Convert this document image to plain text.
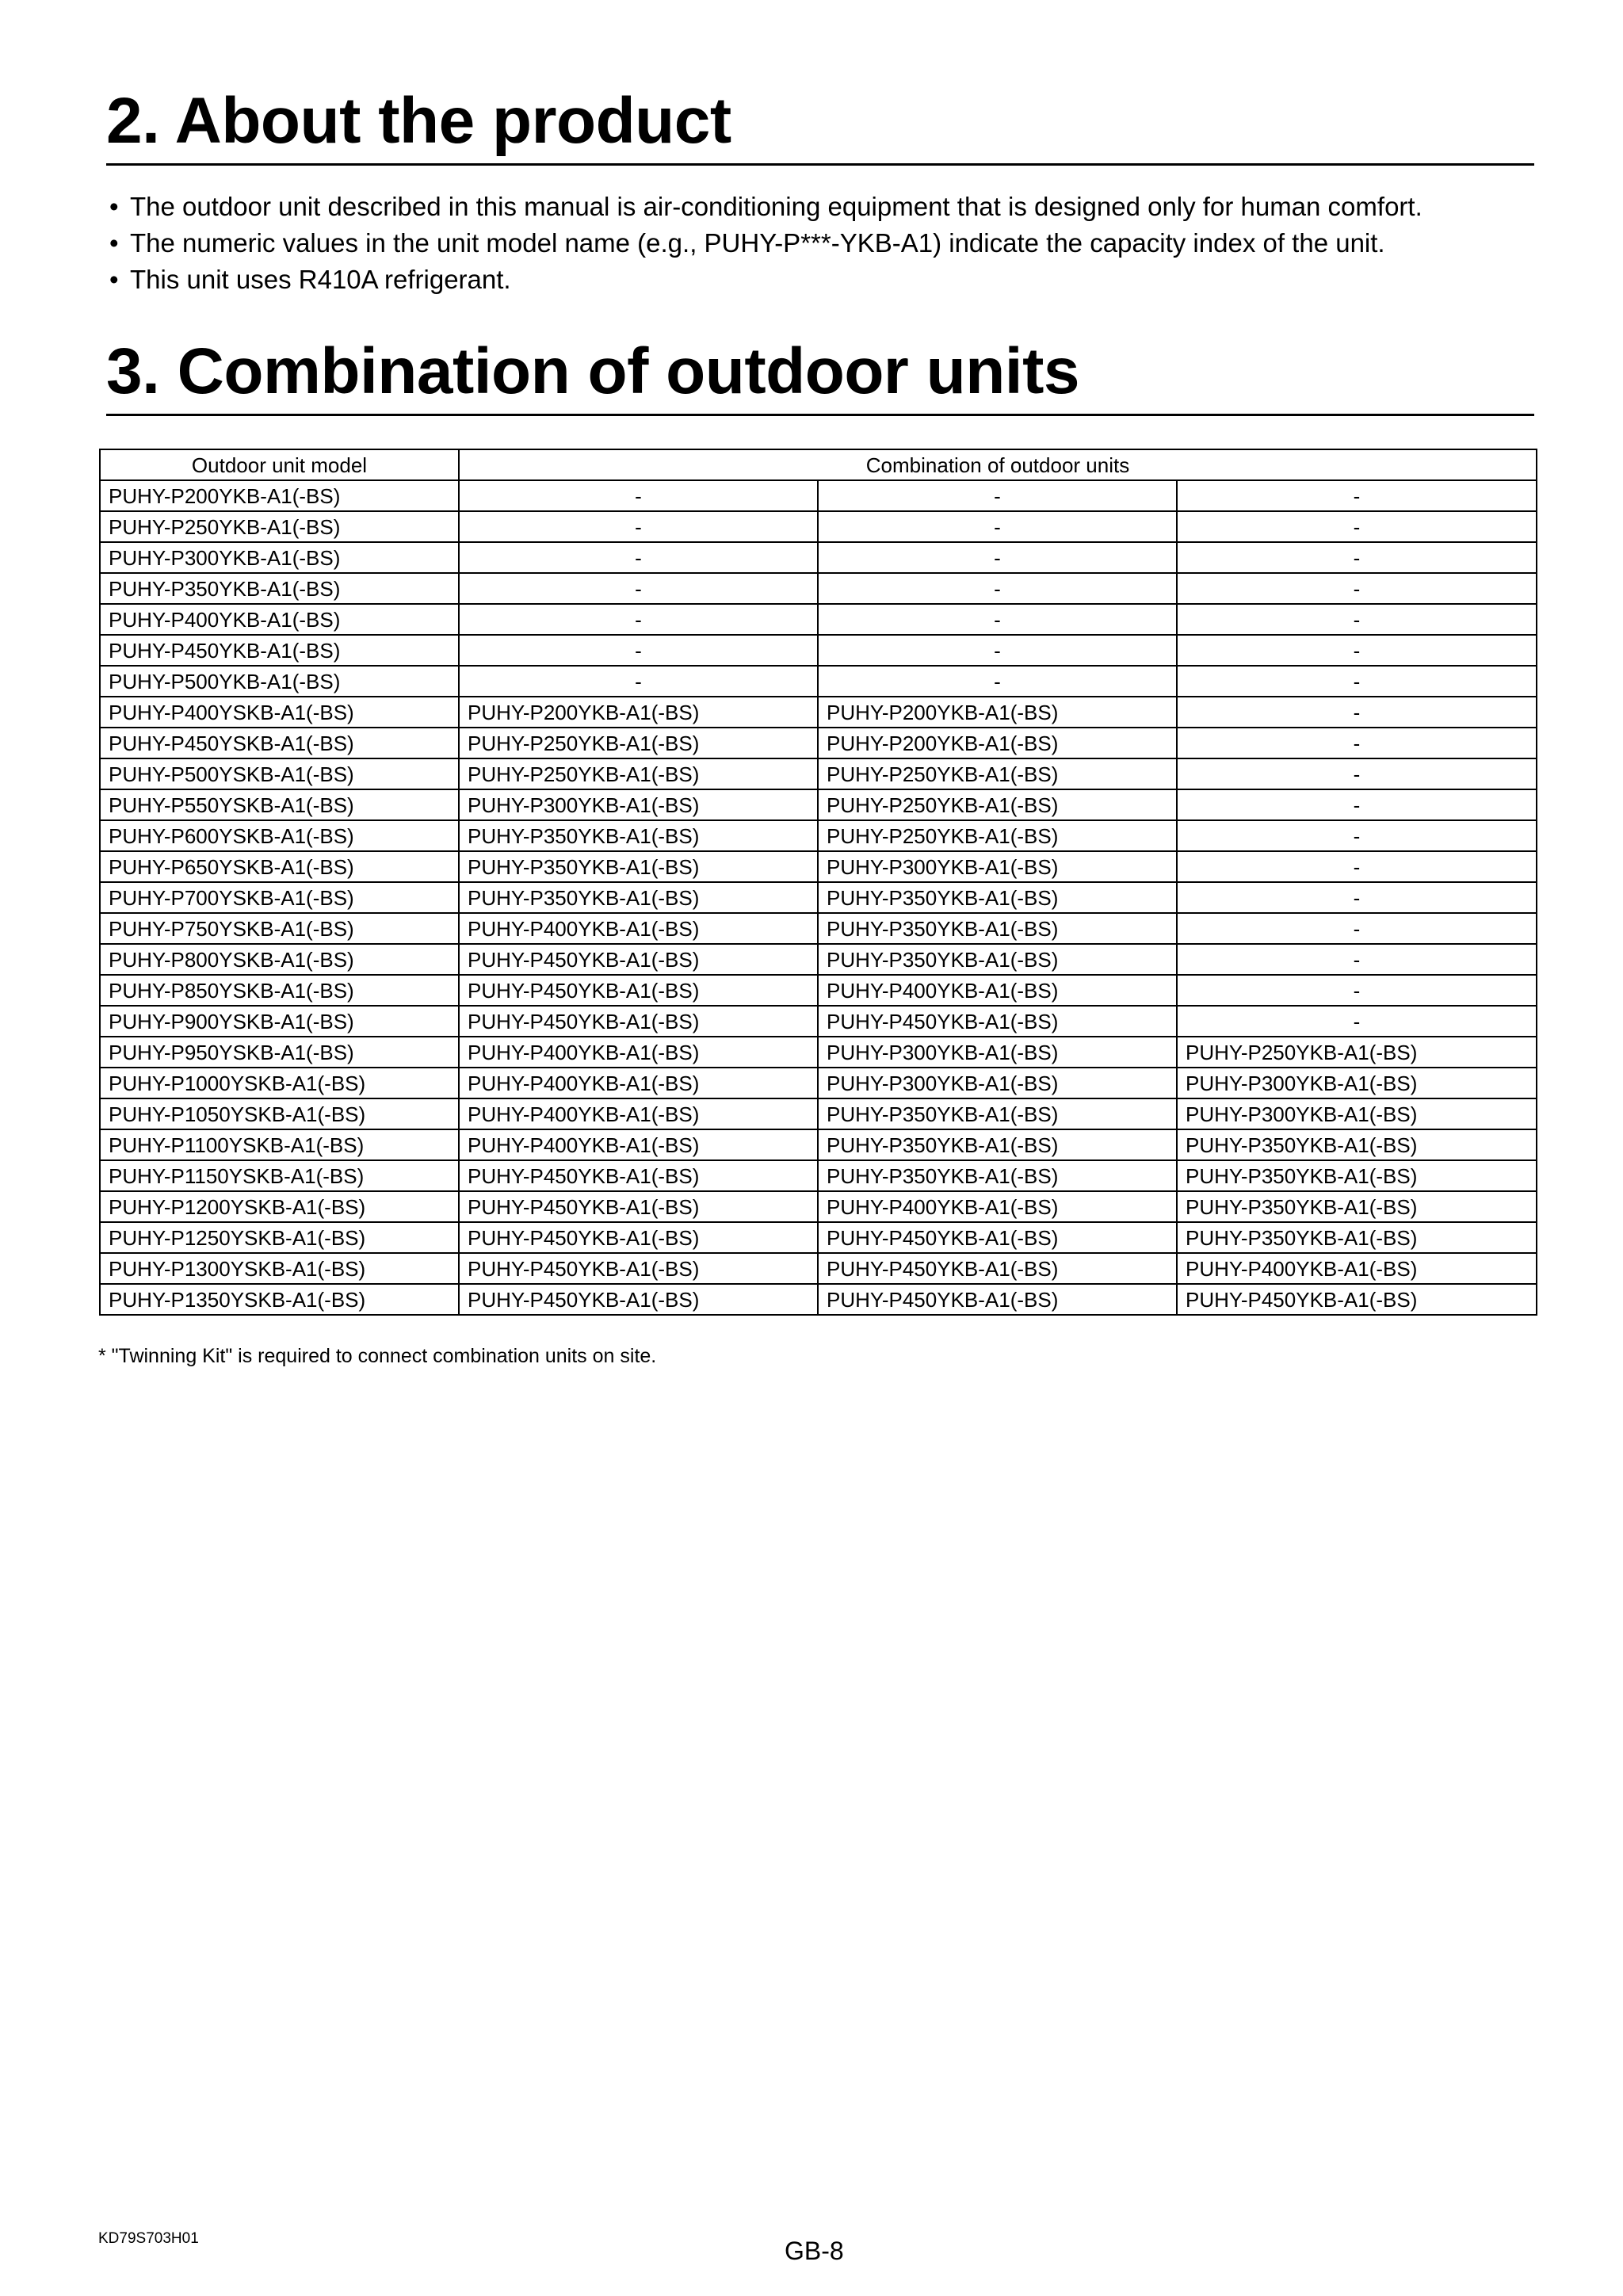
2. About the product
• The outdoor unit described in this manual is air-conditioning equipment that is designed only for human comfort.
• The numeric values in the unit model name (e.g., PUHY-P***-YKB-A1) indicate the capacity index of the unit.
• This unit uses R410A refrigerant.
3. Combination of outdoor units
Outdoor unit model	Combination of outdoor units		
PUHY-P200YKB-A1(-BS)	-	-	-
PUHY-P250YKB-A1(-BS)	-	-	-
PUHY-P300YKB-A1(-BS)	-	-	-
PUHY-P350YKB-A1(-BS)	-	-	-
PUHY-P400YKB-A1(-BS)	-	-	-
PUHY-P450YKB-A1(-BS)	-	-	-
PUHY-P500YKB-A1(-BS)	-	-	-
PUHY-P400YSKB-A1(-BS)	PUHY-P200YKB-A1(-BS)	PUHY-P200YKB-A1(-BS)	-
PUHY-P450YSKB-A1(-BS)	PUHY-P250YKB-A1(-BS)	PUHY-P200YKB-A1(-BS)	-
PUHY-P500YSKB-A1(-BS)	PUHY-P250YKB-A1(-BS)	PUHY-P250YKB-A1(-BS)	-
PUHY-P550YSKB-A1(-BS)	PUHY-P300YKB-A1(-BS)	PUHY-P250YKB-A1(-BS)	-
PUHY-P600YSKB-A1(-BS)	PUHY-P350YKB-A1(-BS)	PUHY-P250YKB-A1(-BS)	-
PUHY-P650YSKB-A1(-BS)	PUHY-P350YKB-A1(-BS)	PUHY-P300YKB-A1(-BS)	-
PUHY-P700YSKB-A1(-BS)	PUHY-P350YKB-A1(-BS)	PUHY-P350YKB-A1(-BS)	-
PUHY-P750YSKB-A1(-BS)	PUHY-P400YKB-A1(-BS)	PUHY-P350YKB-A1(-BS)	-
PUHY-P800YSKB-A1(-BS)	PUHY-P450YKB-A1(-BS)	PUHY-P350YKB-A1(-BS)	-
PUHY-P850YSKB-A1(-BS)	PUHY-P450YKB-A1(-BS)	PUHY-P400YKB-A1(-BS)	-
PUHY-P900YSKB-A1(-BS)	PUHY-P450YKB-A1(-BS)	PUHY-P450YKB-A1(-BS)	-
PUHY-P950YSKB-A1(-BS)	PUHY-P400YKB-A1(-BS)	PUHY-P300YKB-A1(-BS)	PUHY-P250YKB-A1(-BS)
PUHY-P1000YSKB-A1(-BS)	PUHY-P400YKB-A1(-BS)	PUHY-P300YKB-A1(-BS)	PUHY-P300YKB-A1(-BS)
PUHY-P1050YSKB-A1(-BS)	PUHY-P400YKB-A1(-BS)	PUHY-P350YKB-A1(-BS)	PUHY-P300YKB-A1(-BS)
PUHY-P1100YSKB-A1(-BS)	PUHY-P400YKB-A1(-BS)	PUHY-P350YKB-A1(-BS)	PUHY-P350YKB-A1(-BS)
PUHY-P1150YSKB-A1(-BS)	PUHY-P450YKB-A1(-BS)	PUHY-P350YKB-A1(-BS)	PUHY-P350YKB-A1(-BS)
PUHY-P1200YSKB-A1(-BS)	PUHY-P450YKB-A1(-BS)	PUHY-P400YKB-A1(-BS)	PUHY-P350YKB-A1(-BS)
PUHY-P1250YSKB-A1(-BS)	PUHY-P450YKB-A1(-BS)	PUHY-P450YKB-A1(-BS)	PUHY-P350YKB-A1(-BS)
PUHY-P1300YSKB-A1(-BS)	PUHY-P450YKB-A1(-BS)	PUHY-P450YKB-A1(-BS)	PUHY-P400YKB-A1(-BS)
PUHY-P1350YSKB-A1(-BS)	PUHY-P450YKB-A1(-BS)	PUHY-P450YKB-A1(-BS)	PUHY-P450YKB-A1(-BS)
* "Twinning Kit" is required to connect combination units on site.
KD79S703H01	GB-8
